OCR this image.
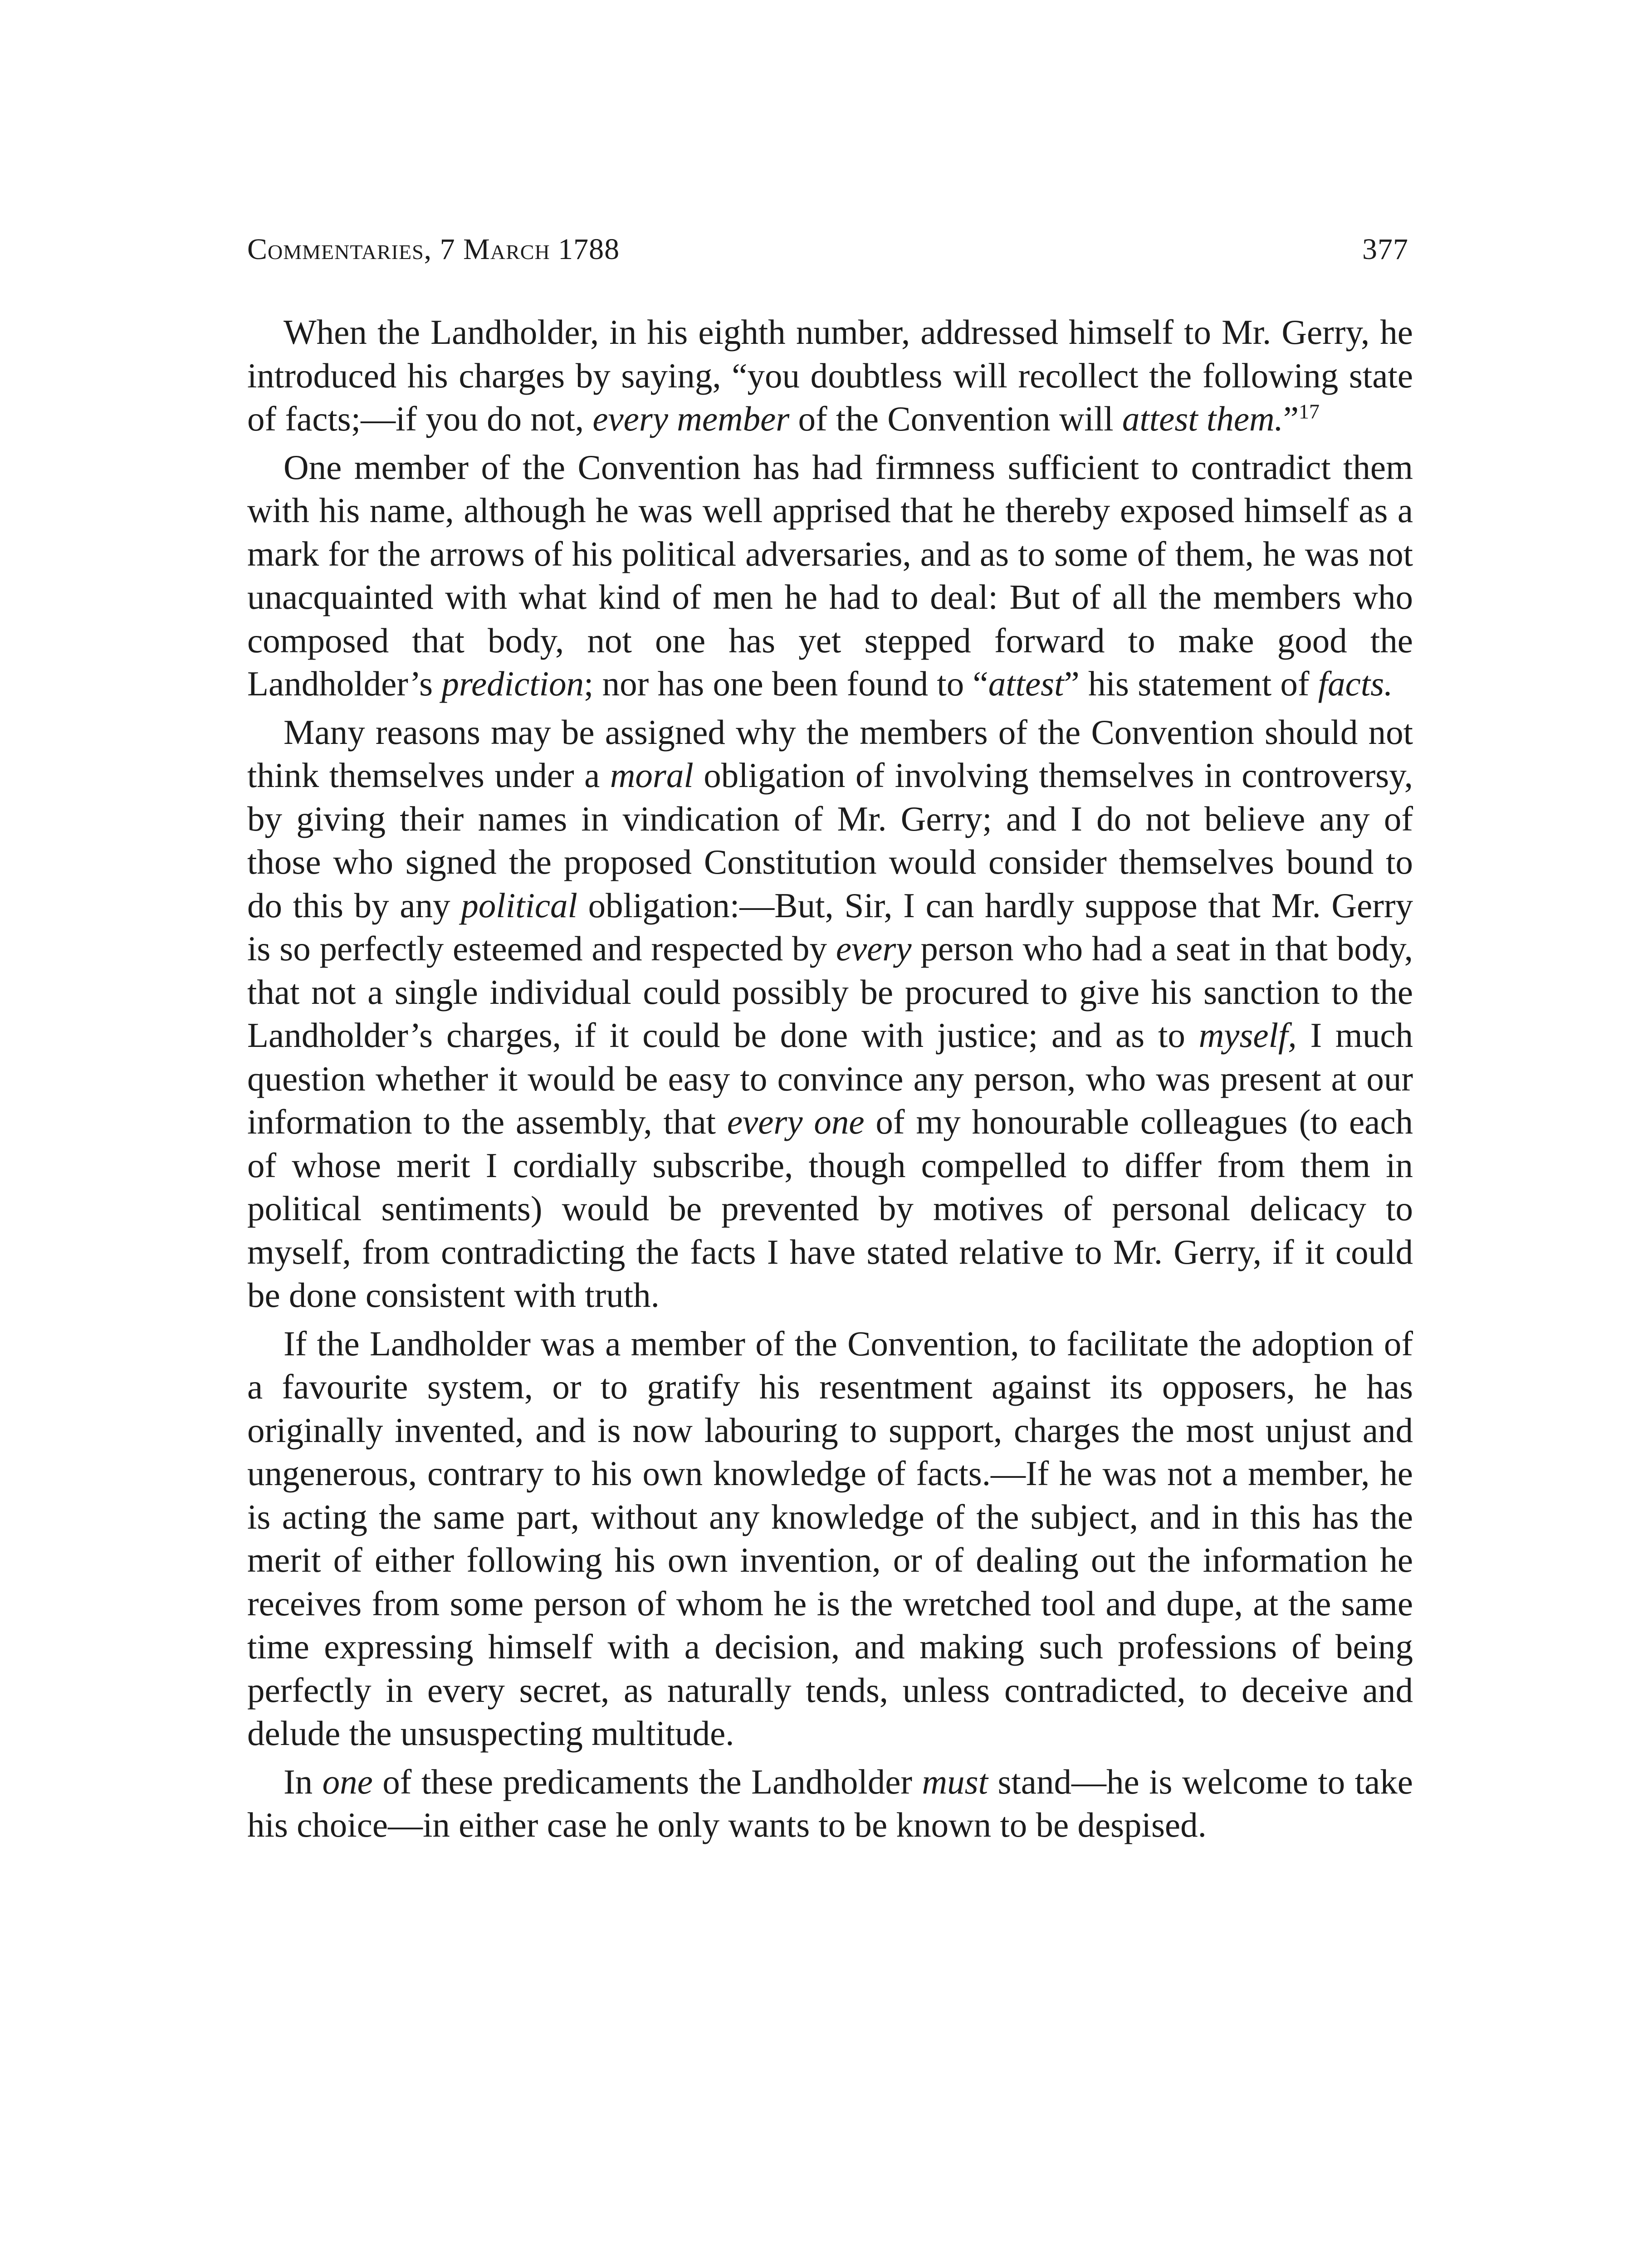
Commentaries, 7 March 1788	377

When the Landholder, in his eighth number, addressed himself to Mr. Gerry, he introduced his charges by saying, “you doubtless will recollect the following state of facts;—if you do not, every member of the Convention will attest them.”$^{17}$

One member of the Convention has had firmness sufficient to contradict them with his name, although he was well apprised that he thereby exposed himself as a mark for the arrows of his political adversaries, and as to some of them, he was not unacquainted with what kind of men he had to deal: But of all the members who composed that body, not one has yet stepped forward to make good the Landholder’s prediction; nor has one been found to “attest” his statement of facts.

Many reasons may be assigned why the members of the Convention should not think themselves under a moral obligation of involving themselves in controversy, by giving their names in vindication of Mr. Gerry; and I do not believe any of those who signed the proposed Constitution would consider themselves bound to do this by any political obligation:—But, Sir, I can hardly suppose that Mr. Gerry is so perfectly esteemed and respected by every person who had a seat in that body, that not a single individual could possibly be procured to give his sanction to the Landholder’s charges, if it could be done with justice; and as to myself, I much question whether it would be easy to convince any person, who was present at our information to the assembly, that every one of my honourable colleagues (to each of whose merit I cordially subscribe, though compelled to differ from them in political sentiments) would be prevented by motives of personal delicacy to myself, from contradicting the facts I have stated relative to Mr. Gerry, if it could be done consistent with truth.

If the Landholder was a member of the Convention, to facilitate the adoption of a favourite system, or to gratify his resentment against its opposers, he has originally invented, and is now labouring to support, charges the most unjust and ungenerous, contrary to his own knowledge of facts.—If he was not a member, he is acting the same part, without any knowledge of the subject, and in this has the merit of either following his own invention, or of dealing out the information he receives from some person of whom he is the wretched tool and dupe, at the same time expressing himself with a decision, and making such professions of being perfectly in every secret, as naturally tends, unless contradicted, to deceive and delude the unsuspecting multitude.

In one of these predicaments the Landholder must stand—he is welcome to take his choice—in either case he only wants to be known to be despised.
